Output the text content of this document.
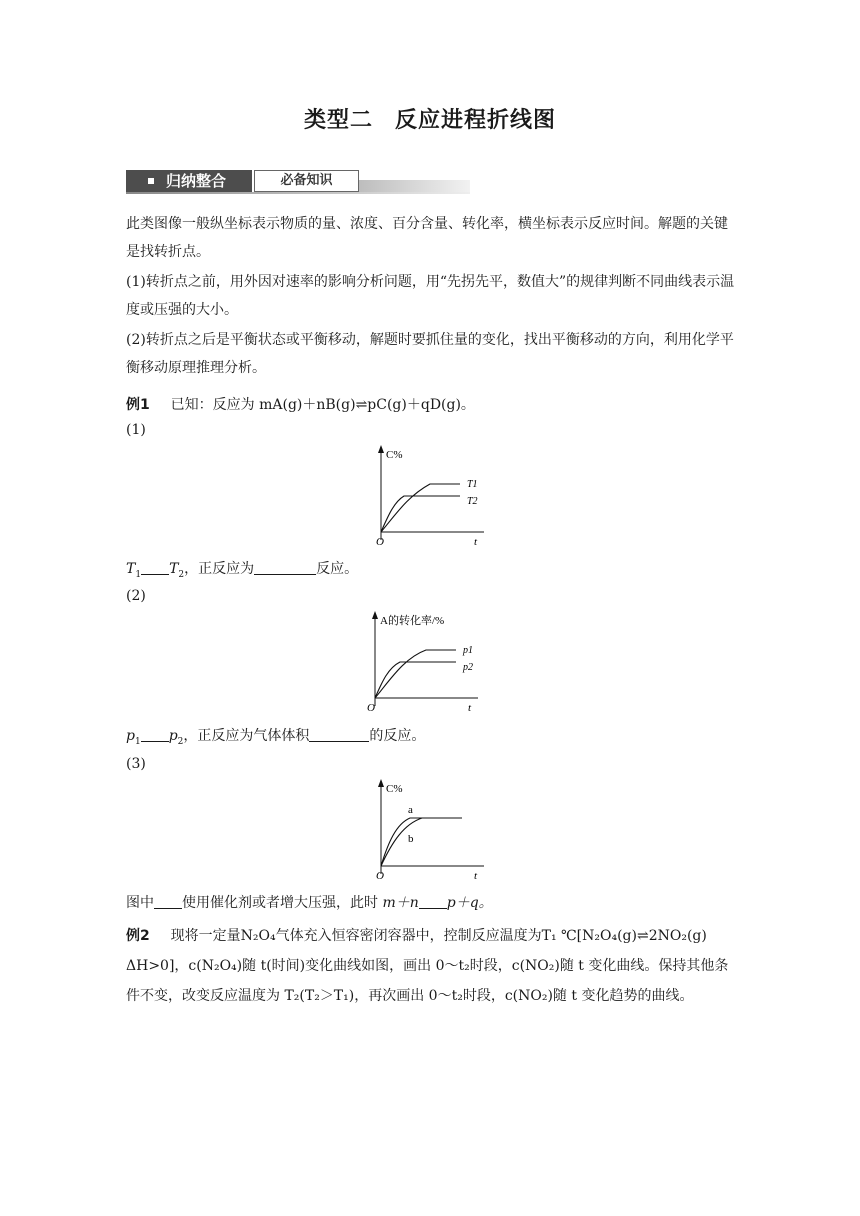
类型二 反应进程折线图
归纳整合	必备知识
此类图像一般纵坐标表示物质的量、浓度、百分含量、转化率，横坐标表示反应时间。解题的关键是找转折点。
(1)转折点之前，用外因对速率的影响分析问题，用“先拐先平，数值大”的规律判断不同曲线表示温度或压强的大小。
(2)转折点之后是平衡状态或平衡移动，解题时要抓住量的变化，找出平衡移动的方向，利用化学平衡移动原理推理分析。
例1 已知：反应为 mA(g)＋nB(g)⇌pC(g)＋qD(g)。
(1)
C%
O	t
T1
T2
$T_1$ $T_2$，正反应为	反应。
(2)
A的转化率/%
O	t
p1
p2
$p_1$ $p_2$，正反应为气体体积	的反应。
(3)
C%
O	t
a
b
图中 使用催化剂或者增大压强，此时 m＋n p＋q。
例2 现将一定量N₂O₄气体充入恒容密闭容器中，控制反应温度为T₁ ℃[N₂O₄(g)⇌2NO₂(g)
ΔH>0]，c(N₂O₄)随 t(时间)变化曲线如图，画出 0～t₂时段，c(NO₂)随 t 变化曲线。保持其他条
件不变，改变反应温度为 T₂(T₂＞T₁)，再次画出 0～t₂时段，c(NO₂)随 t 变化趋势的曲线。
